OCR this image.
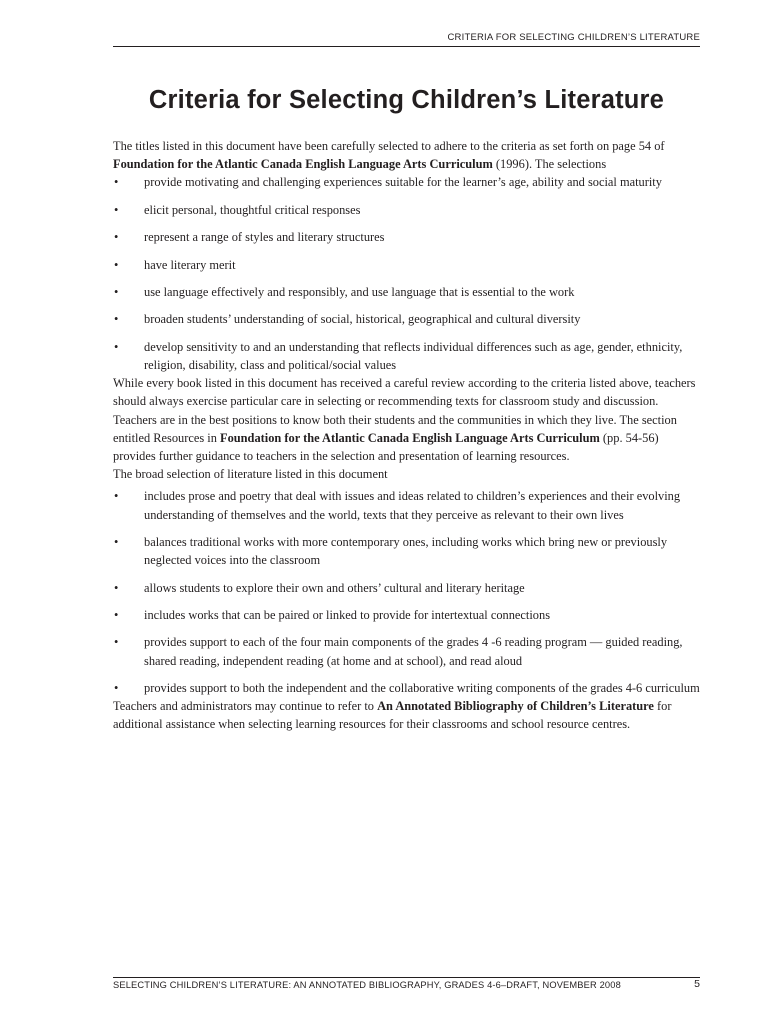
CRITERIA FOR SELECTING CHILDREN’S LITERATURE
Criteria for Selecting Children’s Literature

The titles listed in this document have been carefully selected to adhere to the criteria as set forth on page 54 of Foundation for the Atlantic Canada English Language Arts Curriculum (1996). The selections

• provide motivating and challenging experiences suitable for the learner’s age, ability and social maturity
• elicit personal, thoughtful critical responses
• represent a range of styles and literary structures
• have literary merit
• use language effectively and responsibly, and use language that is essential to the work
• broaden students’ understanding of social, historical, geographical and cultural diversity
• develop sensitivity to and an understanding that reflects individual differences such as age, gender, ethnicity, religion, disability, class and political/social values

While every book listed in this document has received a careful review according to the criteria listed above, teachers should always exercise particular care in selecting or recommending texts for classroom study and discussion. Teachers are in the best positions to know both their students and the communities in which they live. The section entitled Resources in Foundation for the Atlantic Canada English Language Arts Curriculum (pp. 54-56) provides further guidance to teachers in the selection and presentation of learning resources.

The broad selection of literature listed in this document

• includes prose and poetry that deal with issues and ideas related to children’s experiences and their evolving understanding of themselves and the world, texts that they perceive as relevant to their own lives
• balances traditional works with more contemporary ones, including works which bring new or previously neglected voices into the classroom
• allows students to explore their own and others’ cultural and literary heritage
• includes works that can be paired or linked to provide for intertextual connections
• provides support to each of the four main components of the grades 4 -6 reading program — guided reading, shared reading, independent reading (at home and at school), and read aloud
• provides support to both the independent and the collaborative writing components of the grades 4-6 curriculum

Teachers and administrators may continue to refer to An Annotated Bibliography of Children’s Literature for additional assistance when selecting learning resources for their classrooms and school resource centres.

SELECTING CHILDREN’S LITERATURE: AN ANNOTATED BIBLIOGRAPHY, GRADES 4-6–DRAFT, NOVEMBER 2008	5
